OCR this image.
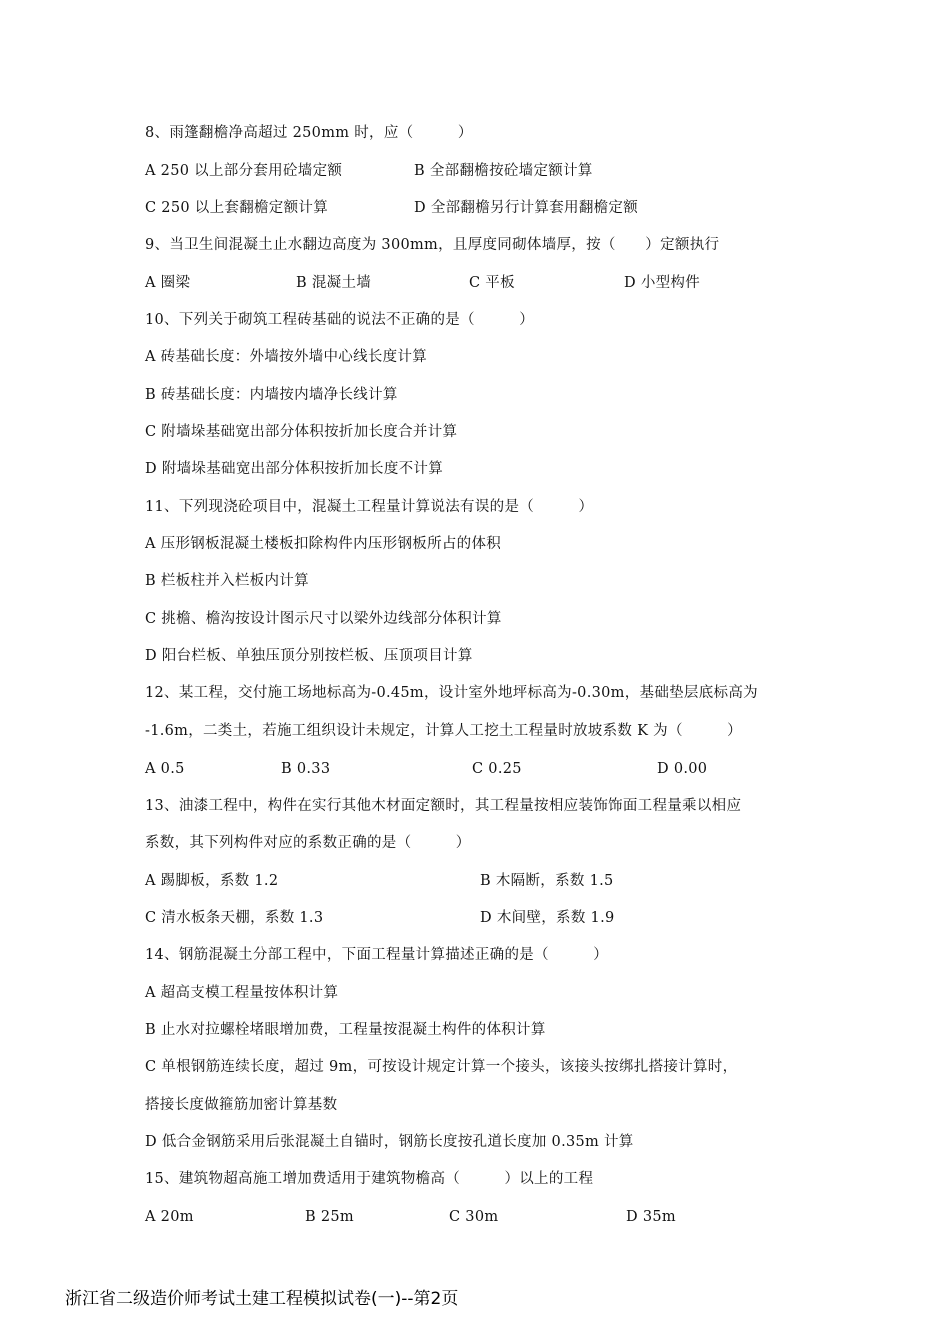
8、雨篷翻檐净高超过 250mm 时，应（　　　）
A 250 以上部分套用砼墙定额	B 全部翻檐按砼墙定额计算
C 250 以上套翻檐定额计算	D 全部翻檐另行计算套用翻檐定额
9、当卫生间混凝土止水翻边高度为 300mm，且厚度同砌体墙厚，按（　　）定额执行
A 圈梁	B 混凝土墙	C 平板	D 小型构件
10、下列关于砌筑工程砖基础的说法不正确的是（　　　）
A 砖基础长度：外墙按外墙中心线长度计算
B 砖基础长度：内墙按内墙净长线计算
C 附墙垛基础宽出部分体积按折加长度合并计算
D 附墙垛基础宽出部分体积按折加长度不计算
11、下列现浇砼项目中，混凝土工程量计算说法有误的是（　　　）
A 压形钢板混凝土楼板扣除构件内压形钢板所占的体积
B 栏板柱并入栏板内计算
C 挑檐、檐沟按设计图示尺寸以梁外边线部分体积计算
D 阳台栏板、单独压顶分别按栏板、压顶项目计算
12、某工程，交付施工场地标高为-0.45m，设计室外地坪标高为-0.30m，基础垫层底标高为
-1.6m，二类土，若施工组织设计未规定，计算人工挖土工程量时放坡系数 K 为（　　　）
A 0.5	B 0.33	C 0.25	D 0.00
13、油漆工程中，构件在实行其他木材面定额时，其工程量按相应装饰饰面工程量乘以相应
系数，其下列构件对应的系数正确的是（　　　）
A 踢脚板，系数 1.2	B 木隔断，系数 1.5
C 清水板条天棚，系数 1.3	D 木间壁，系数 1.9
14、钢筋混凝土分部工程中，下面工程量计算描述正确的是（　　　）
A 超高支模工程量按体积计算
B 止水对拉螺栓堵眼增加费，工程量按混凝土构件的体积计算
C 单根钢筋连续长度，超过 9m，可按设计规定计算一个接头，该接头按绑扎搭接计算时，
搭接长度做箍筋加密计算基数
D 低合金钢筋采用后张混凝土自锚时，钢筋长度按孔道长度加 0.35m 计算
15、建筑物超高施工增加费适用于建筑物檐高（　　　）以上的工程
A 20m	B 25m	C 30m	D 35m
浙江省二级造价师考试土建工程模拟试卷(一)--第2页
